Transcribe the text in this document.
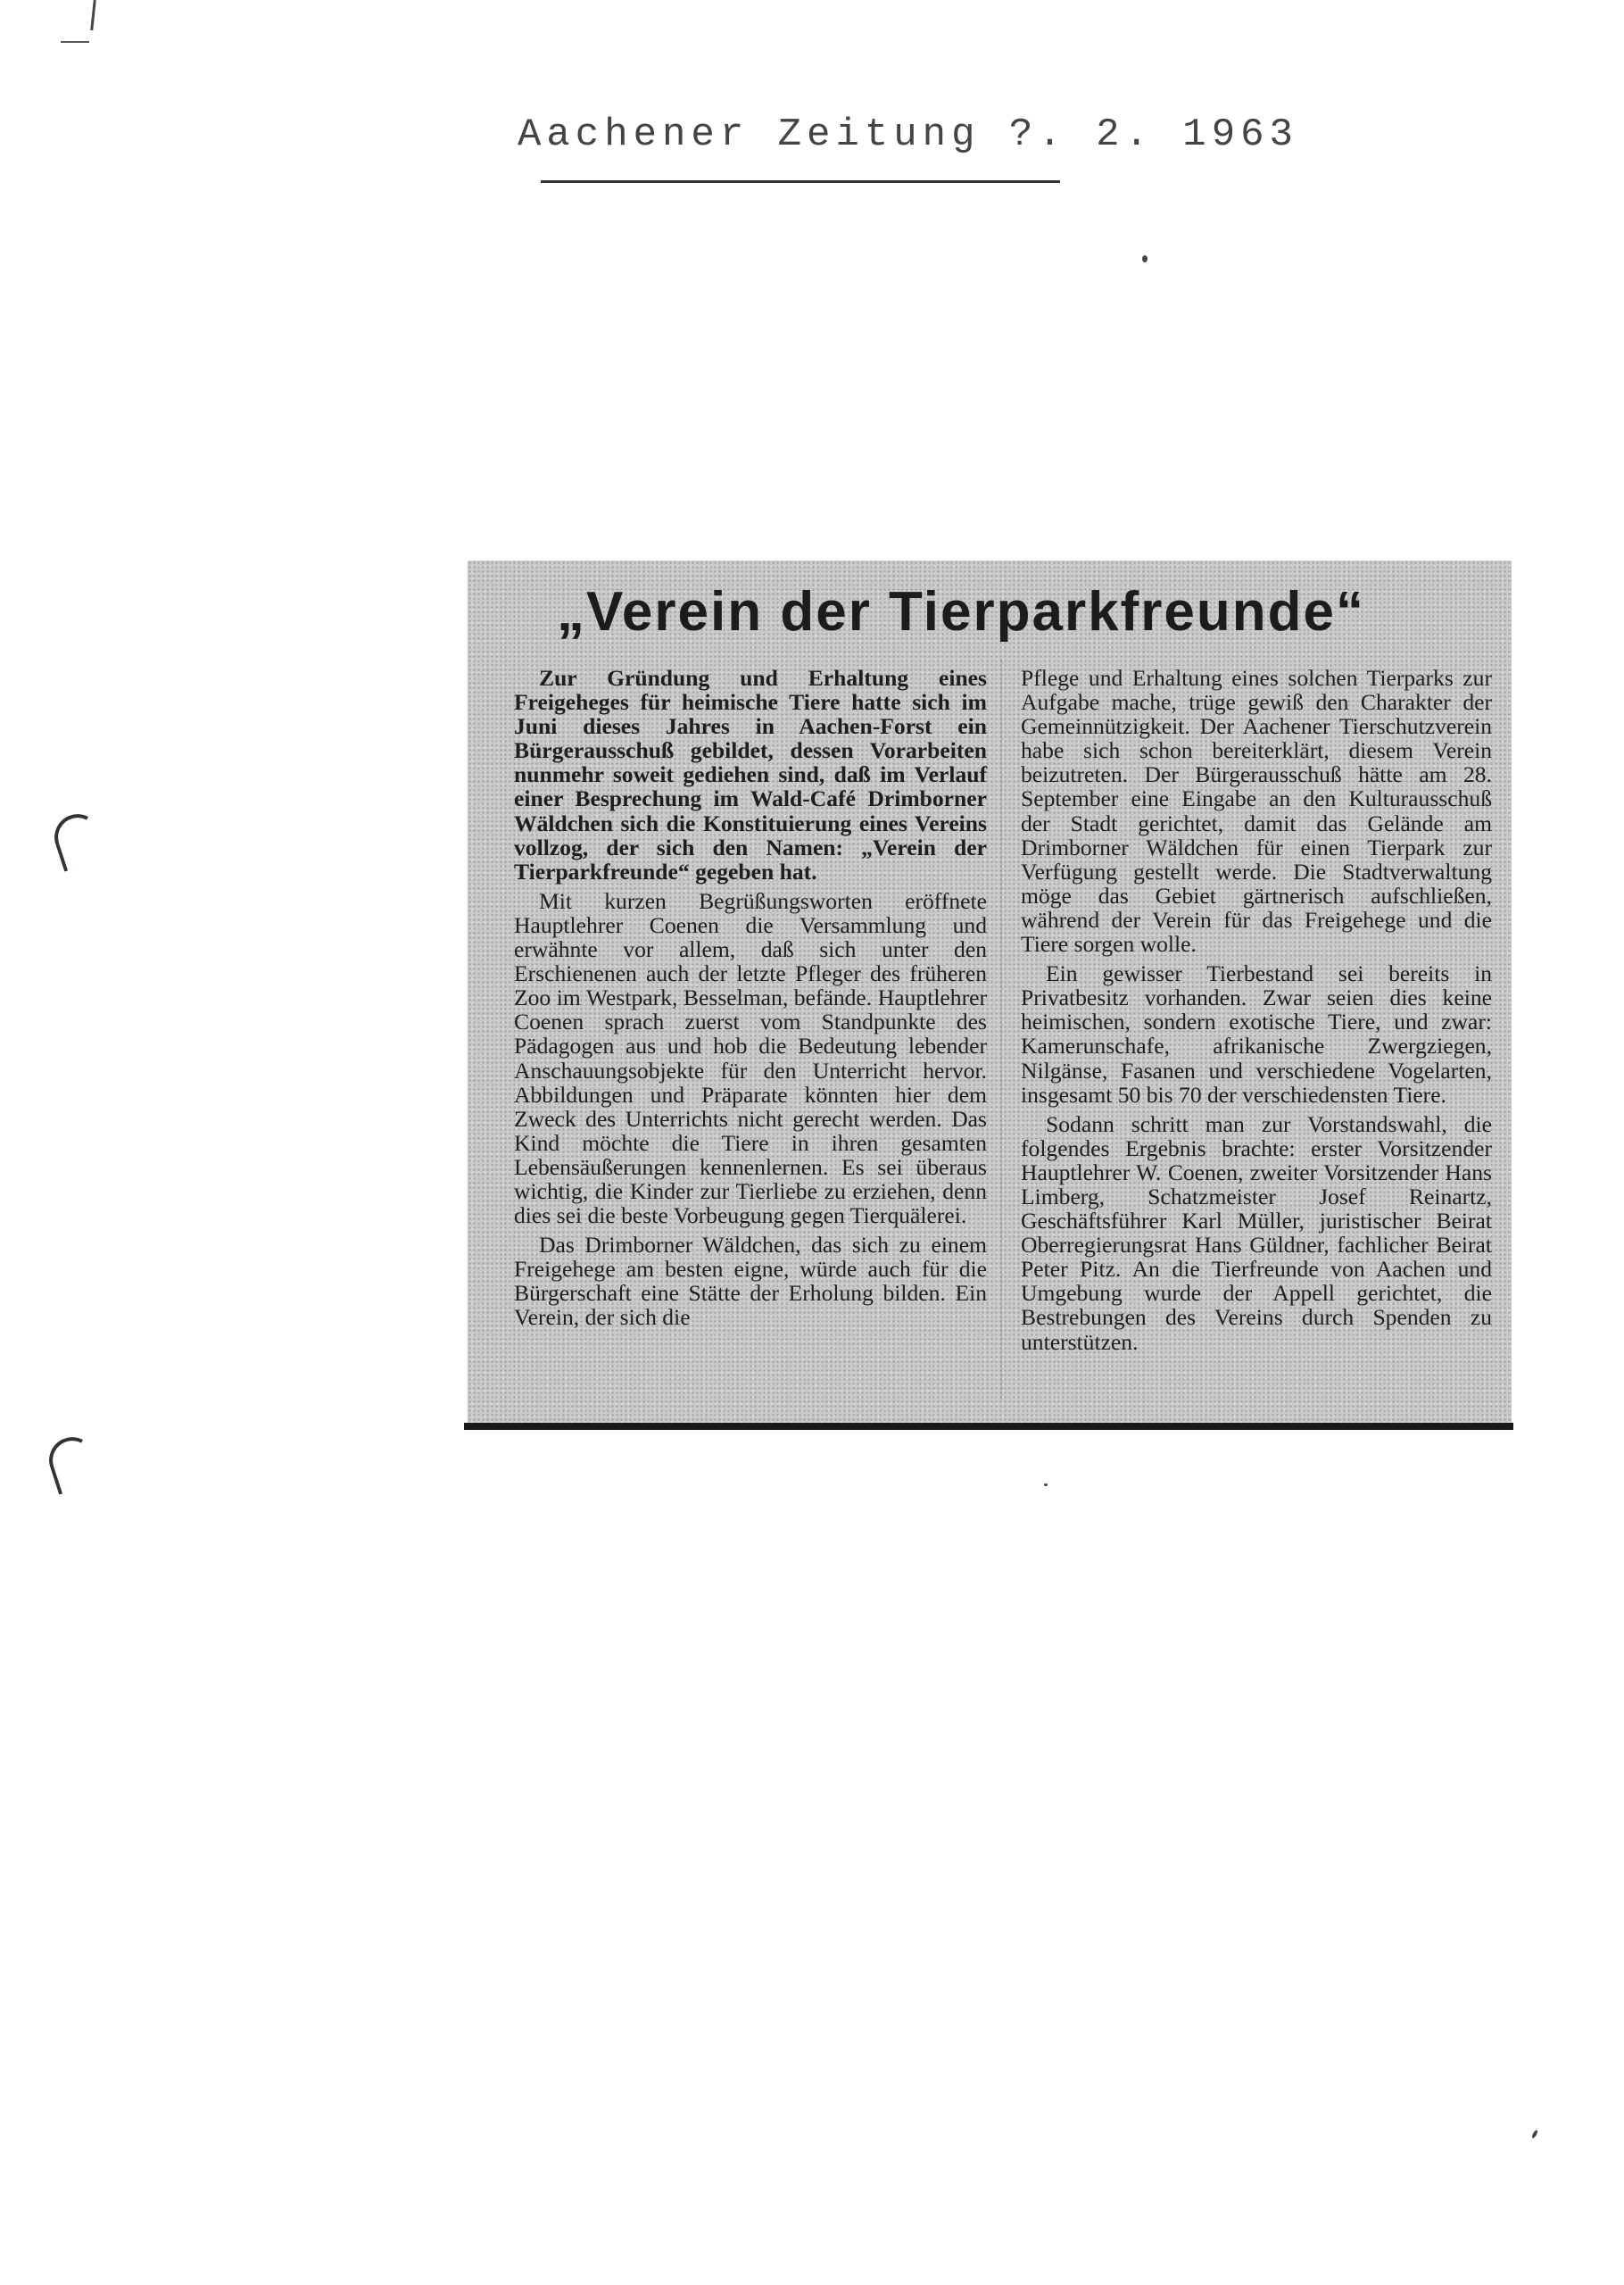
Aachener Zeitung ?. 2. 1963
„Verein der Tierparkfreunde“

Zur Gründung und Erhaltung eines Freigeheges für heimische Tiere hatte sich im Juni dieses Jahres in Aachen-Forst ein Bürgerausschuß gebildet, dessen Vorarbeiten nunmehr soweit gediehen sind, daß im Verlauf einer Besprechung im Wald-Café Drimborner Wäldchen sich die Konstituierung eines Vereins vollzog, der sich den Namen: „Verein der Tierparkfreunde“ gegeben hat.

Mit kurzen Begrüßungsworten eröffnete Hauptlehrer Coenen die Versammlung und erwähnte vor allem, daß sich unter den Erschienenen auch der letzte Pfleger des früheren Zoo im Westpark, Besselman, befände. Hauptlehrer Coenen sprach zuerst vom Standpunkte des Pädagogen aus und hob die Bedeutung lebender Anschauungsobjekte für den Unterricht hervor. Abbildungen und Präparate könnten hier dem Zweck des Unterrichts nicht gerecht werden. Das Kind möchte die Tiere in ihren gesamten Lebensäußerungen kennenlernen. Es sei überaus wichtig, die Kinder zur Tierliebe zu erziehen, denn dies sei die beste Vorbeugung gegen Tierquälerei.

Das Drimborner Wäldchen, das sich zu einem Freigehege am besten eigne, würde auch für die Bürgerschaft eine Stätte der Erholung bilden. Ein Verein, der sich die

Pflege und Erhaltung eines solchen Tierparks zur Aufgabe mache, trüge gewiß den Charakter der Gemeinnützigkeit. Der Aachener Tierschutzverein habe sich schon bereiterklärt, diesem Verein beizutreten. Der Bürgerausschuß hätte am 28. September eine Eingabe an den Kulturausschuß der Stadt gerichtet, damit das Gelände am Drimborner Wäldchen für einen Tierpark zur Verfügung gestellt werde. Die Stadtverwaltung möge das Gebiet gärtnerisch aufschließen, während der Verein für das Freigehege und die Tiere sorgen wolle.

Ein gewisser Tierbestand sei bereits in Privatbesitz vorhanden. Zwar seien dies keine heimischen, sondern exotische Tiere, und zwar: Kamerunschafe, afrikanische Zwergziegen, Nilgänse, Fasanen und verschiedene Vogelarten, insgesamt 50 bis 70 der verschiedensten Tiere.

Sodann schritt man zur Vorstandswahl, die folgendes Ergebnis brachte: erster Vorsitzender Hauptlehrer W. Coenen, zweiter Vorsitzender Hans Limberg, Schatzmeister Josef Reinartz, Geschäftsführer Karl Müller, juristischer Beirat Oberregierungsrat Hans Güldner, fachlicher Beirat Peter Pitz. An die Tierfreunde von Aachen und Umgebung wurde der Appell gerichtet, die Bestrebungen des Vereins durch Spenden zu unterstützen.
